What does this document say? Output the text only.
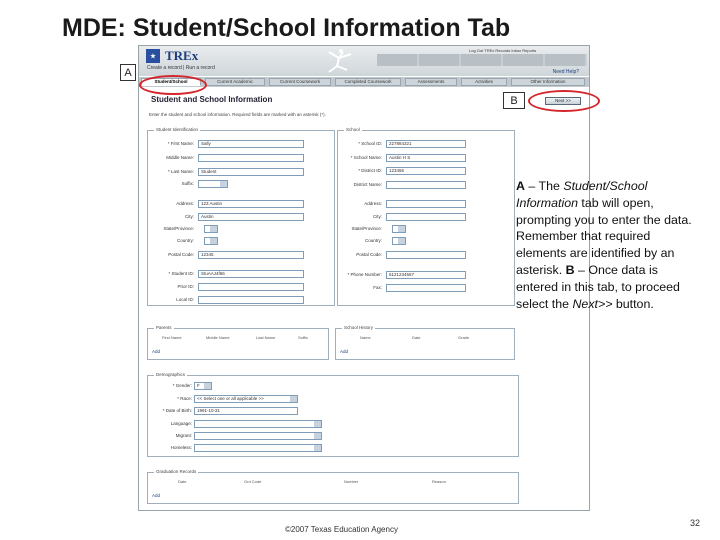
MDE: Student/School Information Tab
TREx
Create a record | Run a record
Log Out TREx Records Inbox Reports
Need Help?
Student/School	Current Academic	Current Coursework	Completed Coursework	Assessments	Activities	Other Information
Student and School Information	Next >>
Enter the student and school information. Required fields are marked with an asterisk (*).
Student Identification
* First Name:	Sally
Middle Name:
* Last Name:	Student
Suffix:
Address:	123 Austin
City:	Austin
State/Province:
Country:
Postal Code:	12345
* Student ID:	StuAAJ4f66
Prior ID:
Local ID:
School
* School ID:	227884321
* School Name:	Austin H S
* District ID:	123456
District Name:
Address:
City:
State/Province:
Country:
Postal Code:
* Phone Number:	5121234567
Fax:
Parents
First Name	Middle Name	Last Name	Suffix
Add
School History
Name	Date	Grade
Add
Demographics
* Gender:	F
* Race:	<< Select one or all applicable >>
* Date of Birth:	1991-10-31
Language:
Migrant:
Homeless:
Graduation Records
Date	Grd Code	Number	Reason
Add
A
B
A – The Student/School Information tab will open, prompting you to enter the data. Remember that required elements are identified by an asterisk. B – Once data is entered in this tab, to proceed select the Next>> button.
©2007 Texas Education Agency
32
